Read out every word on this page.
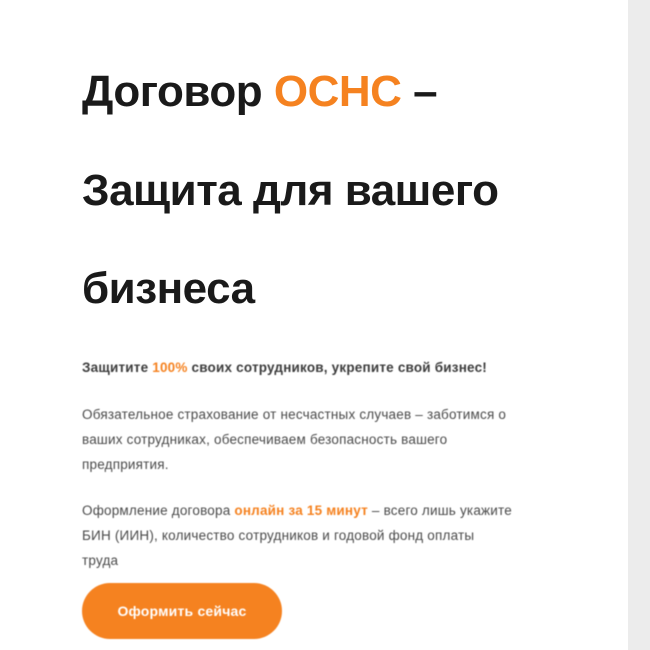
Договор ОСНС –

Защита для вашего

бизнеса

Защитите 100% своих сотрудников, укрепите свой бизнес!

Обязательное страхование от несчастных случаев – заботимся о ваших сотрудниках, обеспечиваем безопасность вашего предприятия.

Оформление договора онлайн за 15 минут – всего лишь укажите БИН (ИИН), количество сотрудников и годовой фонд оплаты труда

Оформить сейчас
